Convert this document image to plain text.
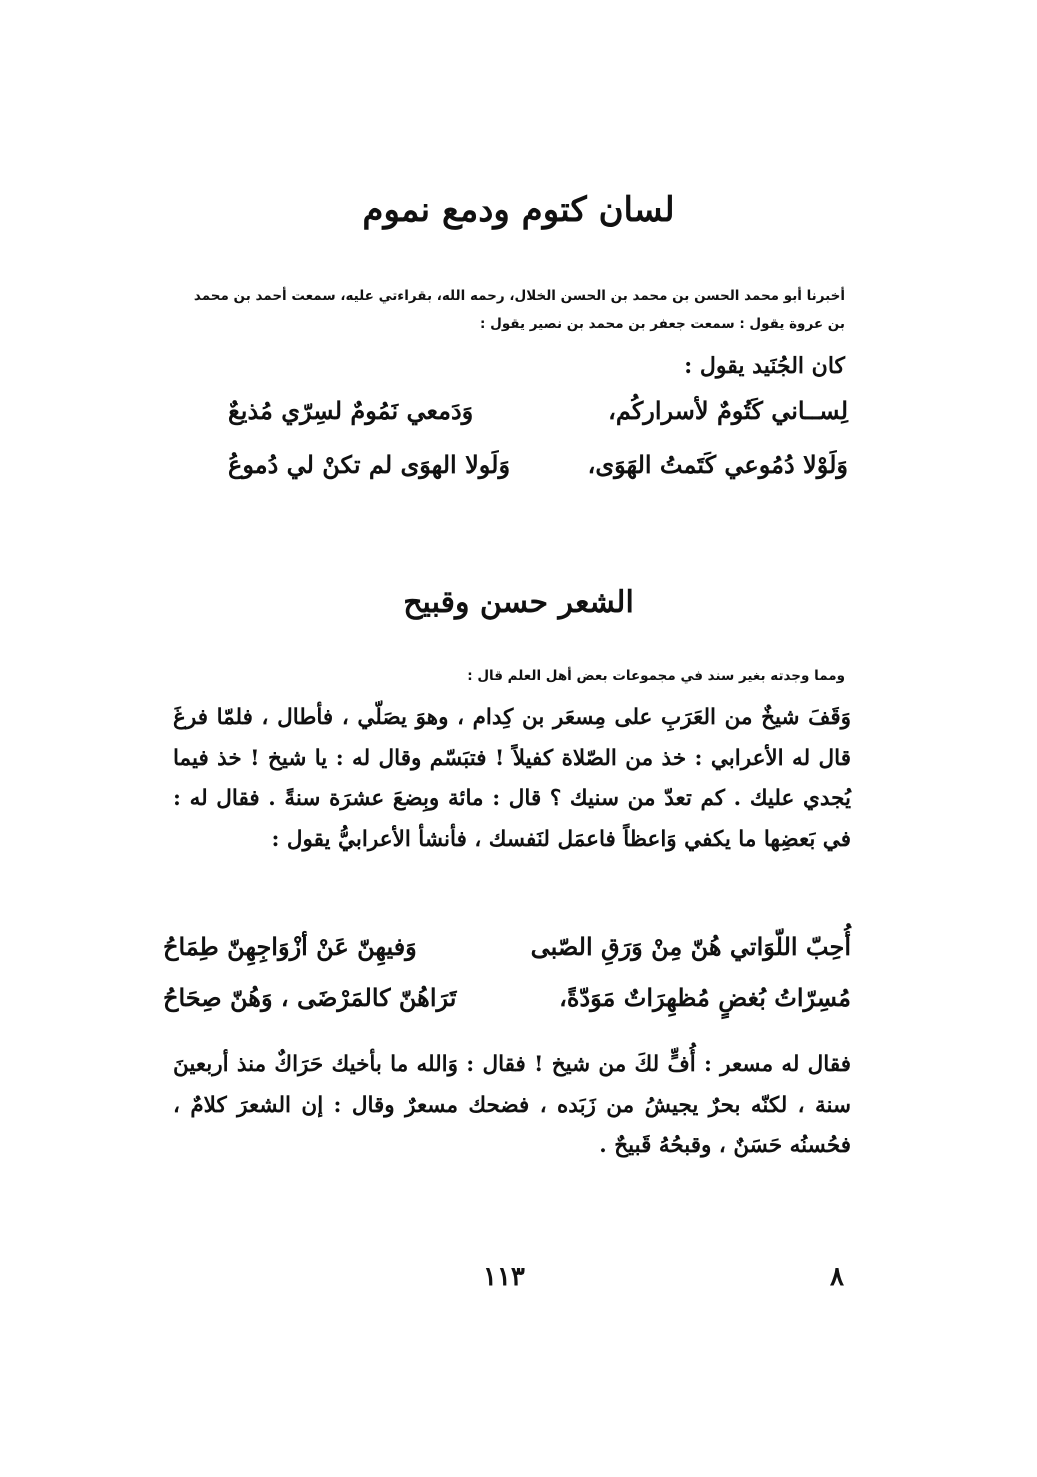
لسان كتوم ودمع نموم
أخبرنا أبو محمد الحسن بن محمد بن الحسن الخلال، رحمه الله، بقراءتي عليه، سمعت أحمد بن محمد بن عروة يقول : سمعت جعفر بن محمد بن نصير يقول :
كان الجُنَيد يقول :
لِســاني كَتُومٌ لأسراركُم،
وَدَمعي نَمُومٌ لسِرّي مُذيعٌ
وَلَوْلا دُمُوعي كَتَمتُ الهَوَى،
وَلَولا الهوَى لم تكنْ لي دُموعُ
الشعر حسن وقبيح
ومما وجدته بغير سند في مجموعات بعض أهل العلم قال :
وَقَفَ شيخٌ من العَرَبِ على مِسعَر بن كِدام ، وهوَ يصَلّي ، فأطال ، فلمّا فرغَ قال له الأعرابي : خذ من الصّلاة كفيلاً ! فتبَسّم وقال له : يا شيخ ! خذ فيما يُجدي عليك . كم تعدّ من سنيك ؟ قال : مائة وبِضعَ عشرَة سنةً . فقال له : في بَعضِها ما يكفي وَاعظاً فاعمَل لنَفسك ، فأنشأ الأعرابيُّ يقول :
أُحِبّ اللّوَاتي هُنّ مِنْ وَرَقِ الصّبى
وَفيهِنّ عَنْ أزْوَاجِهِنّ طِمَاحُ
مُسِرّاتُ بُغضٍ مُظهِرَاتٌ مَوَدّةً،
تَرَاهُنّ كالمَرْضَى ، وَهُنّ صِحَاحُ
فقال له مسعر : أُفٍّ لكَ من شيخ ! فقال : وَالله ما بأخيك حَرَاكٌ منذ أربعينَ سنة ، لكنّه بحرٌ يجيشُ من زَبَده ، فضحك مسعرٌ وقال : إن الشعرَ كلامٌ ، فحُسنُه حَسَنٌ ، وقبحُهُ قَبيحٌ .
١١٣	٨
